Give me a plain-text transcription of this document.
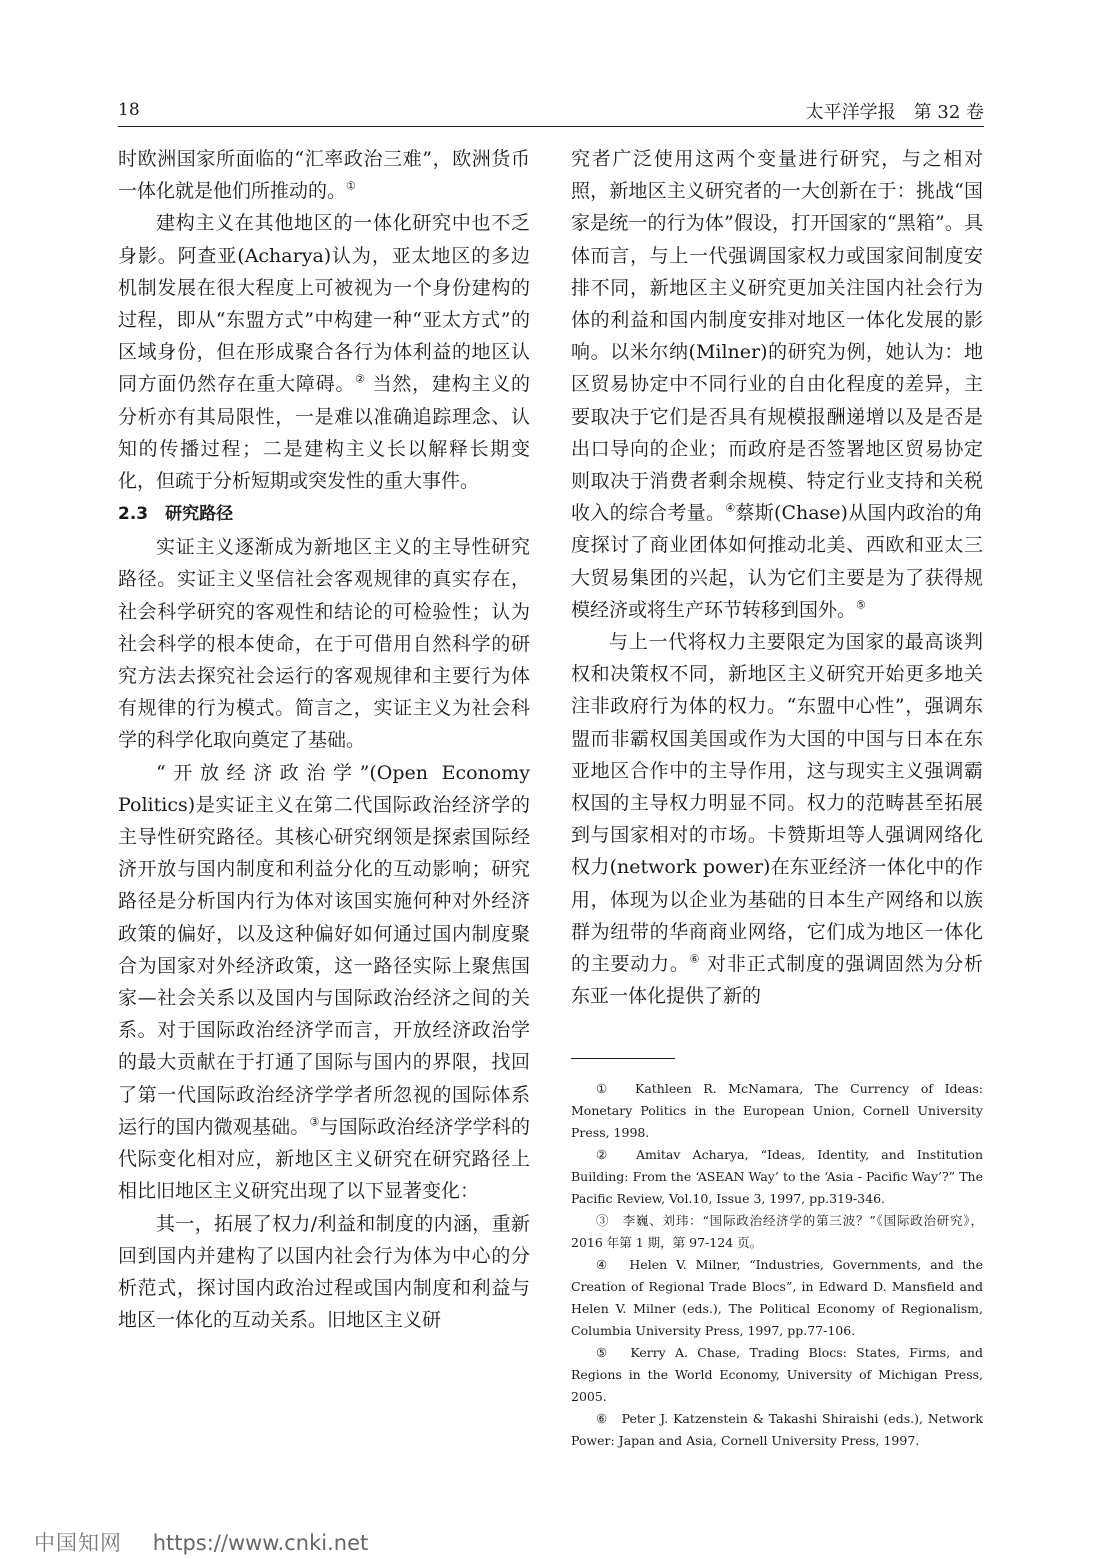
18	太平洋学报　第 32 卷

时欧洲国家所面临的“汇率政治三难”，欧洲货币一体化就是他们所推动的。①

建构主义在其他地区的一体化研究中也不乏身影。阿查亚(Acharya)认为，亚太地区的多边机制发展在很大程度上可被视为一个身份建构的过程，即从“东盟方式”中构建一种“亚太方式”的区域身份，但在形成聚合各行为体利益的地区认同方面仍然存在重大障碍。② 当然，建构主义的分析亦有其局限性，一是难以准确追踪理念、认知的传播过程；二是建构主义长以解释长期变化，但疏于分析短期或突发性的重大事件。

2.3　研究路径

实证主义逐渐成为新地区主义的主导性研究路径。实证主义坚信社会客观规律的真实存在，社会科学研究的客观性和结论的可检验性；认为社会科学的根本使命，在于可借用自然科学的研究方法去探究社会运行的客观规律和主要行为体有规律的行为模式。简言之，实证主义为社会科学的科学化取向奠定了基础。

“开放经济政治学”(Open Economy Politics)是实证主义在第二代国际政治经济学的主导性研究路径。其核心研究纲领是探索国际经济开放与国内制度和利益分化的互动影响；研究路径是分析国内行为体对该国实施何种对外经济政策的偏好，以及这种偏好如何通过国内制度聚合为国家对外经济政策，这一路径实际上聚焦国家—社会关系以及国内与国际政治经济之间的关系。对于国际政治经济学而言，开放经济政治学的最大贡献在于打通了国际与国内的界限，找回了第一代国际政治经济学学者所忽视的国际体系运行的国内微观基础。③与国际政治经济学学科的代际变化相对应，新地区主义研究在研究路径上相比旧地区主义研究出现了以下显著变化：

其一，拓展了权力/利益和制度的内涵，重新回到国内并建构了以国内社会行为体为中心的分析范式，探讨国内政治过程或国内制度和利益与地区一体化的互动关系。旧地区主义研

究者广泛使用这两个变量进行研究，与之相对照，新地区主义研究者的一大创新在于：挑战“国家是统一的行为体”假设，打开国家的“黑箱”。具体而言，与上一代强调国家权力或国家间制度安排不同，新地区主义研究更加关注国内社会行为体的利益和国内制度安排对地区一体化发展的影响。以米尔纳(Milner)的研究为例，她认为：地区贸易协定中不同行业的自由化程度的差异，主要取决于它们是否具有规模报酬递增以及是否是出口导向的企业；而政府是否签署地区贸易协定则取决于消费者剩余规模、特定行业支持和关税收入的综合考量。④蔡斯(Chase)从国内政治的角度探讨了商业团体如何推动北美、西欧和亚太三大贸易集团的兴起，认为它们主要是为了获得规模经济或将生产环节转移到国外。⑤

与上一代将权力主要限定为国家的最高谈判权和决策权不同，新地区主义研究开始更多地关注非政府行为体的权力。“东盟中心性”，强调东盟而非霸权国美国或作为大国的中国与日本在东亚地区合作中的主导作用，这与现实主义强调霸权国的主导权力明显不同。权力的范畴甚至拓展到与国家相对的市场。卡赞斯坦等人强调网络化权力(network power)在东亚经济一体化中的作用，体现为以企业为基础的日本生产网络和以族群为纽带的华商商业网络，它们成为地区一体化的主要动力。⑥ 对非正式制度的强调固然为分析东亚一体化提供了新的

①　 Kathleen R. McNamara, The Currency of Ideas: Monetary Politics in the European Union, Cornell University Press, 1998.

②　 Amitav Acharya, “Ideas, Identity, and Institution Building: From the ‘ASEAN Way’ to the ‘Asia - Pacific Way’?” The Pacific Review, Vol.10, Issue 3, 1997, pp.319-346.

③　 李巍、刘玮：“国际政治经济学的第三波？”《国际政治研究》，2016 年第 1 期，第 97-124 页。

④　 Helen V. Milner, “Industries, Governments, and the Creation of Regional Trade Blocs”, in Edward D. Mansfield and Helen V. Milner (eds.), The Political Economy of Regionalism, Columbia University Press, 1997, pp.77-106.

⑤　 Kerry A. Chase, Trading Blocs: States, Firms, and Regions in the World Economy, University of Michigan Press, 2005.

⑥　 Peter J. Katzenstein & Takashi Shiraishi (eds.), Network Power: Japan and Asia, Cornell University Press, 1997.

中国知网 https://www.cnki.net
